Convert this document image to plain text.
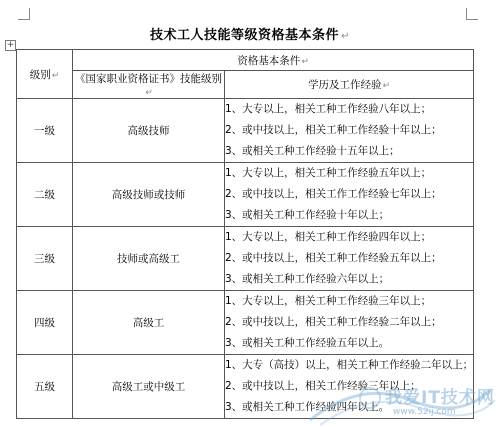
技术工人技能等级资格基本条件 ↵
+
级别↵	资格基本条件↵	
	《国家职业资格证书》技能级别↵	学历及工作经验↵
一级	高级技师	1、大专以上，相关工种工作经验八年以上；
2、或中技以上，相关工种工作经验十年以上；
3、或相关工种工作经验十五年以上；

二级	高级技师或技师	1、大专以上，相关工种工作经验五年以上；
2、或中技以上，相关工作工作经验七年以上；
3、或相关工种工作经验十年以上；

三级	技师或高级工	1、大专以上，相关工种工作经验四年以上；
2、或中技以上，相关工种工作经验五年以上；
3、或相关工种工作经验六年以上；

四级	高级工	1、大专以上，相关工种工作经验三年以上；
2、或中技以上，相关工种工作经验二年以上；
3、或相关工种工作经验五年以上。

五级	高级工或中级工	1、大专（高技）以上，相关工种工作经验二年以上；
2、或中技以上，相关工作经验三年以上；
3、或相关工种工作经验四年以上。
我爱IT技术网
www.52ij.com
